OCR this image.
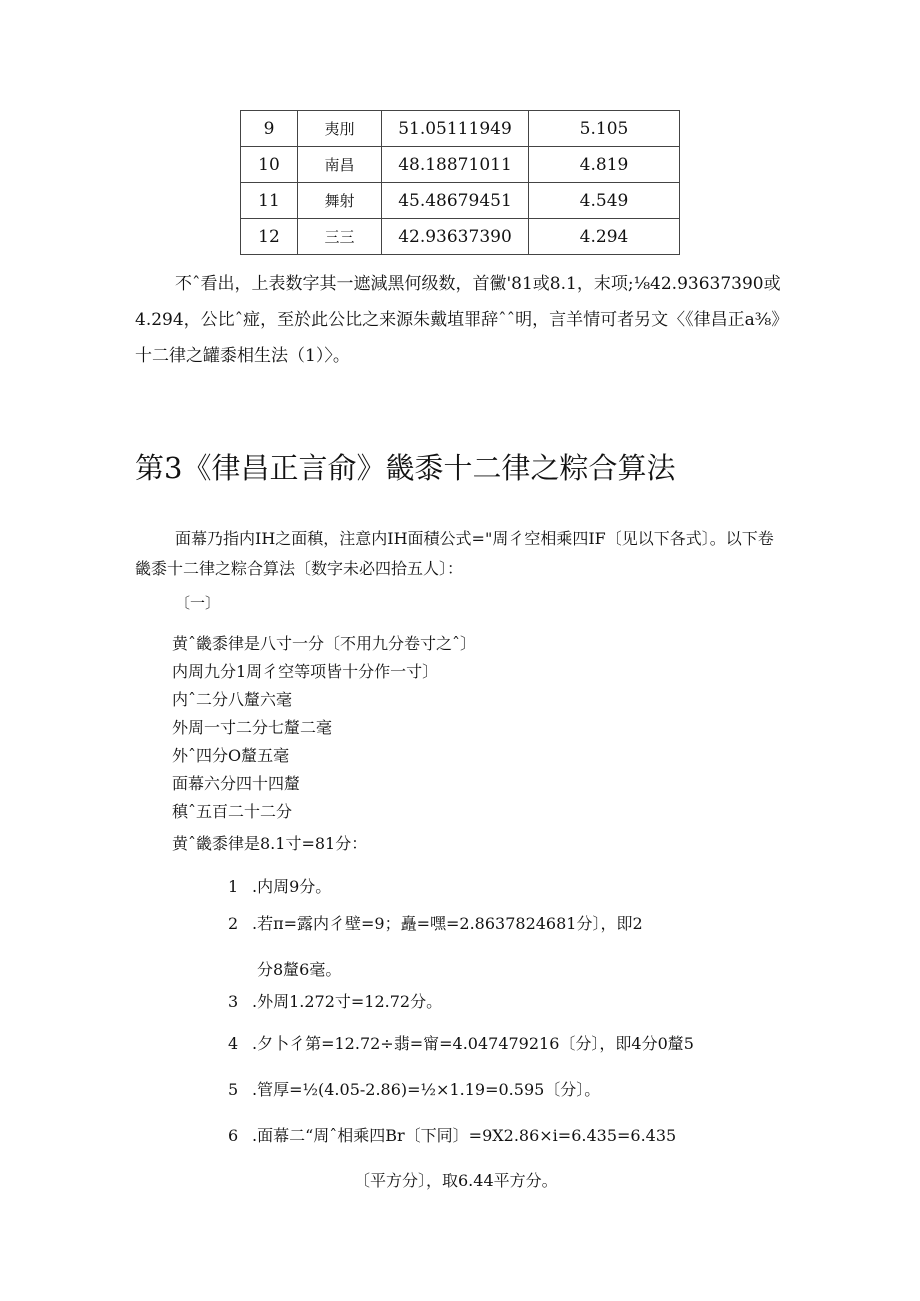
9	夷刖	51.05111949	5.105
10	南昌	48.18871011	4.819
11	舞射	45.48679451	4.549
12	三三	42.93637390	4.294
不ˆ看出，上表数字其一遮減黑何级数，首黴'81或8.1，末项;⅛42.93637390或4.294，公比ˆ痖，至於此公比之来源朱戴埴罪辞ˆˆ明，言羊情可者另文〈《律昌正a⅜》十二律之罐黍相生法（1）〉。
第3《律昌正言俞》畿黍十二律之粽合算法
面幕乃指内IH之面稹，注意内IH面積公式="周彳空相乘四IF〔见以下各式〕。以下卷畿黍十二律之粽合算法〔数字未必四拾五人〕：
〔一〕
黄ˆ畿黍律是八寸一分〔不用九分卷寸之ˆ〕
内周九分1周彳空等项皆十分作一寸〕
内ˆ二分八釐六毫
外周一寸二分七釐二毫
外ˆ四分O釐五毫
面幕六分四十四釐
稹ˆ五百二十二分
黄ˆ畿黍律是8.1寸=81分：
1 .内周9分。
2 .若π=露内彳壁=9；矗=嘿=2.8637824681分〕，即2
分8釐6毫。
3 .外周1.272寸=12.72分。
4 .夕卜彳第=12.72÷翡=甯=4.047479216〔分〕，即4分0釐5
5 .管厚=½(4.05-2.86)=½×1.19=0.595〔分〕。
6 .面幕二“周ˆ相乘四Br〔下同〕=9X2.86×i=6.435=6.435
〔平方分〕，取6.44平方分。
